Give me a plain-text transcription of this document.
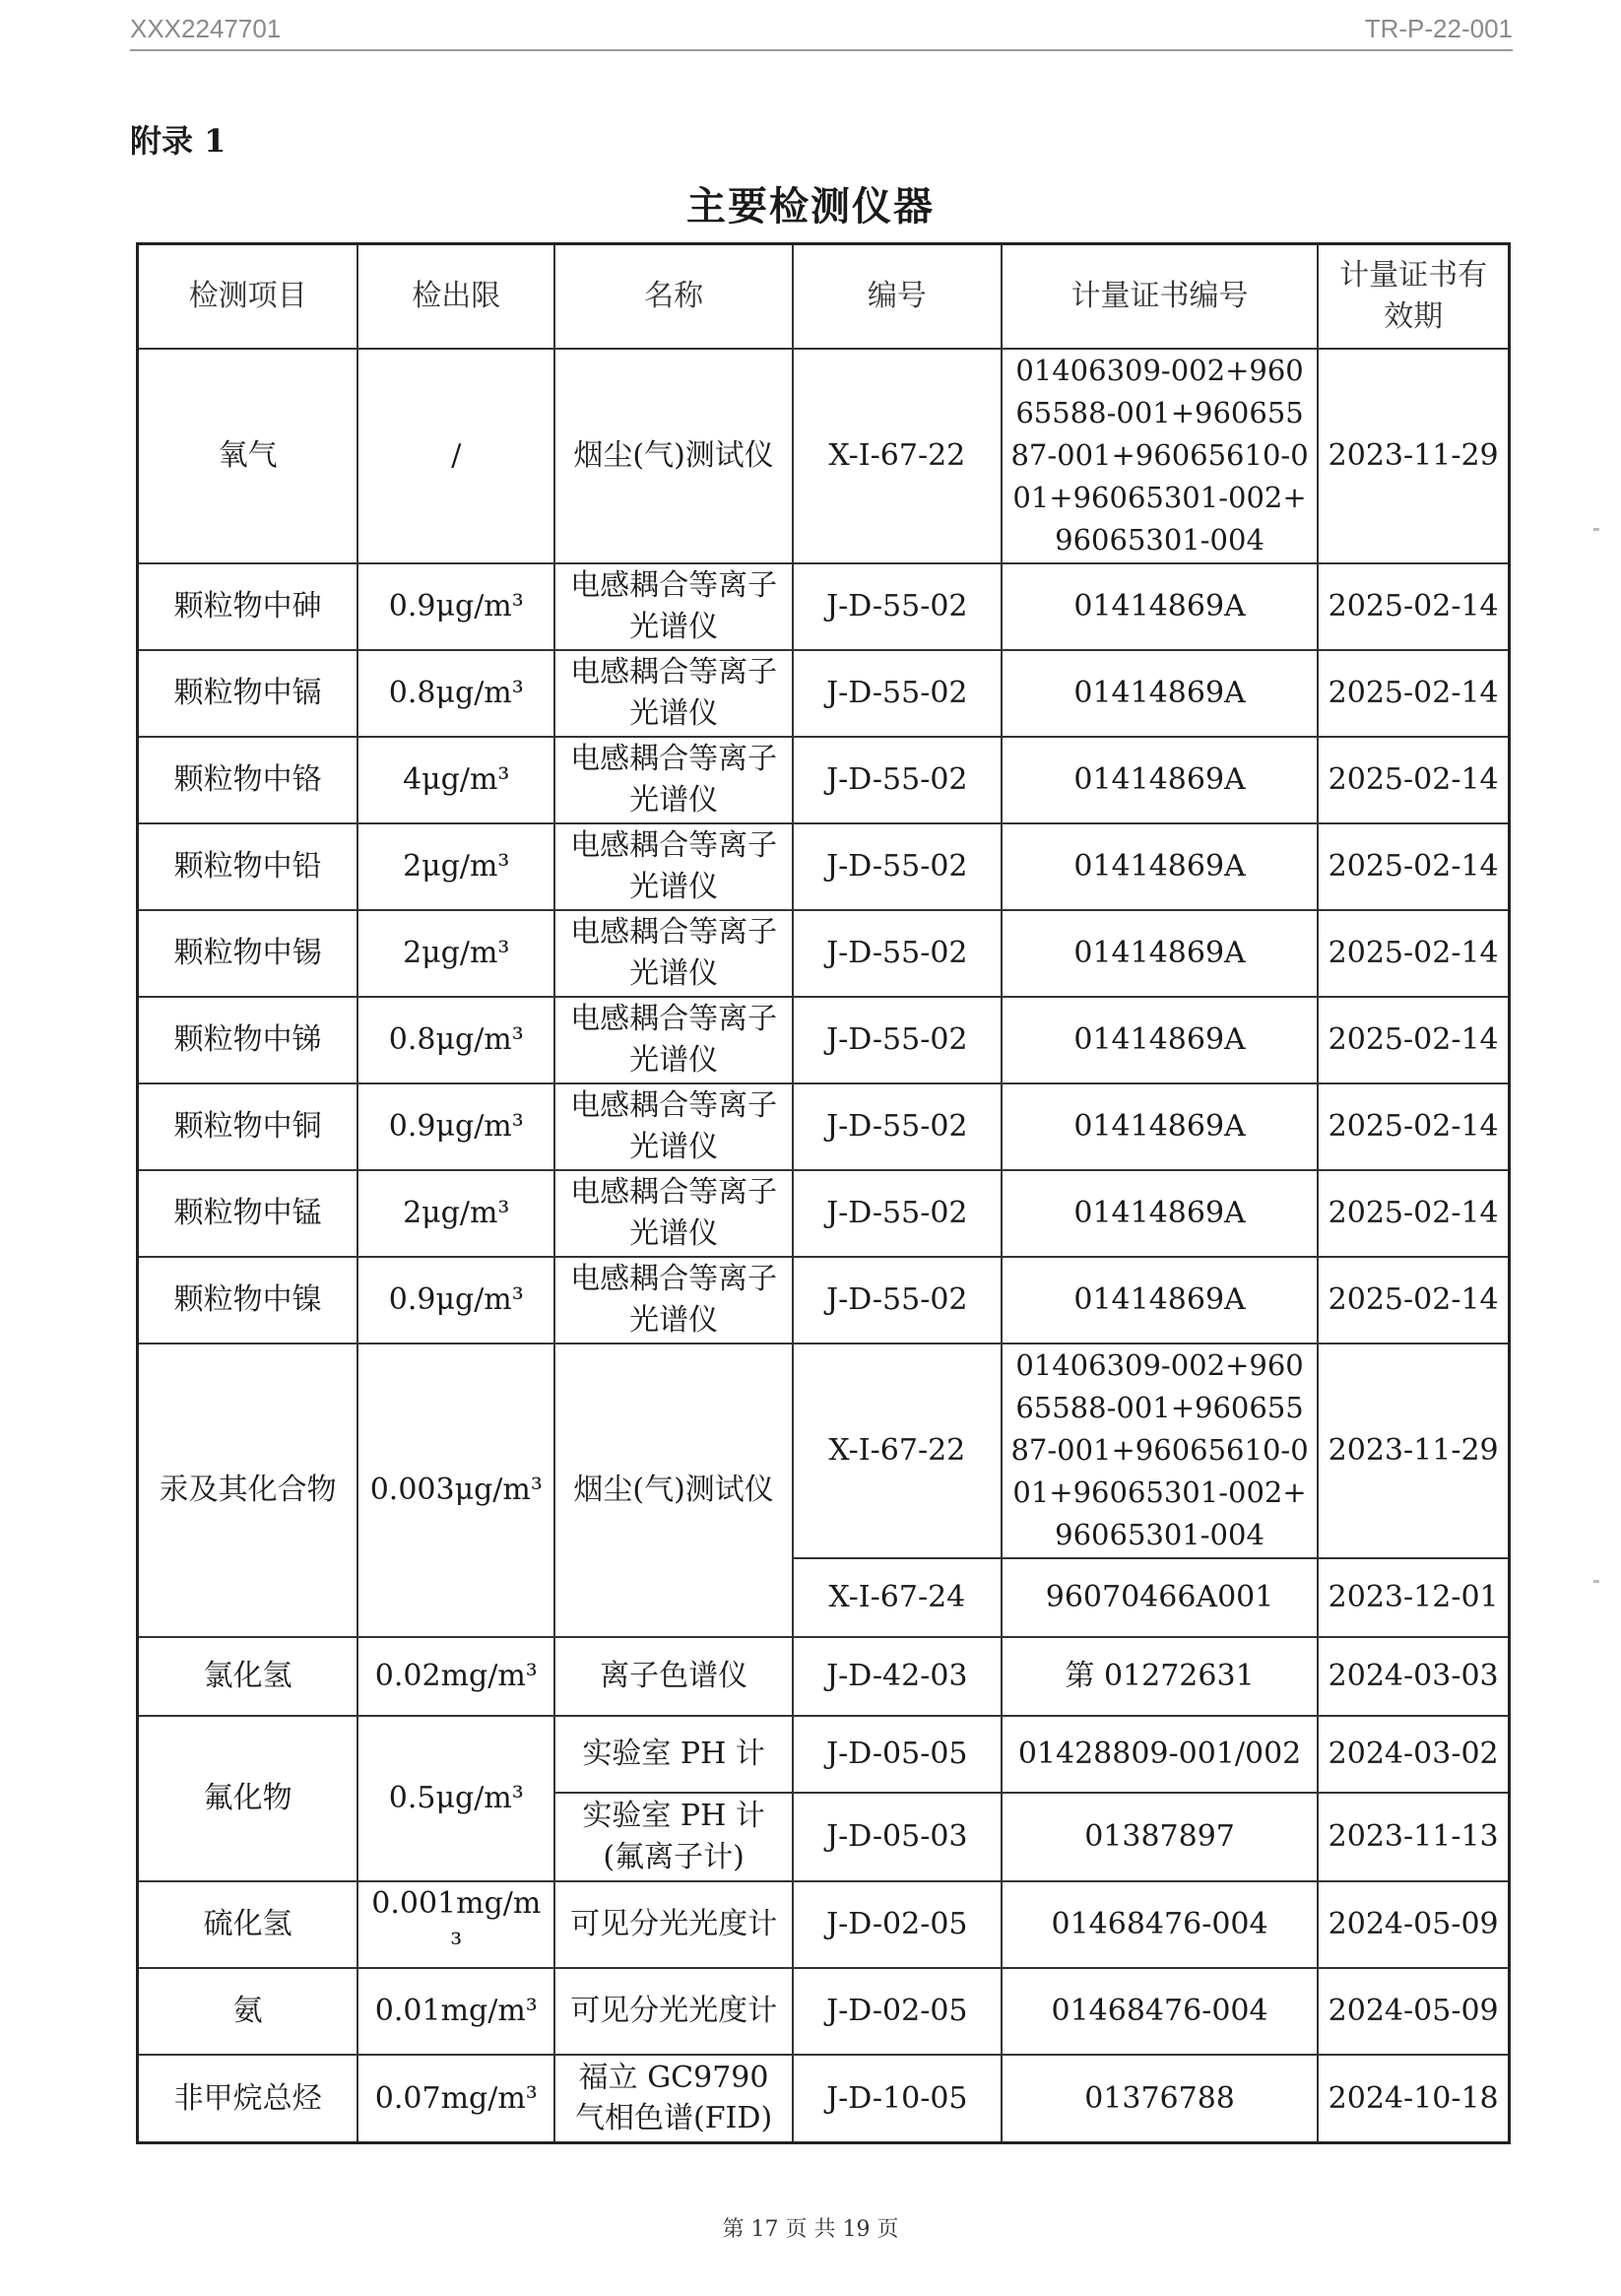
XXX2247701	TR-P-22-001
附录 1
主要检测仪器
检测项目	检出限	名称	编号	计量证书编号	计量证书有效期
氧气	/	烟尘(气)测试仪	X-I-67-22	01406309-002+96065588-001+96065587-001+96065610-001+96065301-002+96065301-004	2023-11-29
颗粒物中砷	0.9μg/m³	电感耦合等离子光谱仪	J-D-55-02	01414869A	2025-02-14
颗粒物中镉	0.8μg/m³	电感耦合等离子光谱仪	J-D-55-02	01414869A	2025-02-14
颗粒物中铬	4μg/m³	电感耦合等离子光谱仪	J-D-55-02	01414869A	2025-02-14
颗粒物中铅	2μg/m³	电感耦合等离子光谱仪	J-D-55-02	01414869A	2025-02-14
颗粒物中锡	2μg/m³	电感耦合等离子光谱仪	J-D-55-02	01414869A	2025-02-14
颗粒物中锑	0.8μg/m³	电感耦合等离子光谱仪	J-D-55-02	01414869A	2025-02-14
颗粒物中铜	0.9μg/m³	电感耦合等离子光谱仪	J-D-55-02	01414869A	2025-02-14
颗粒物中锰	2μg/m³	电感耦合等离子光谱仪	J-D-55-02	01414869A	2025-02-14
颗粒物中镍	0.9μg/m³	电感耦合等离子光谱仪	J-D-55-02	01414869A	2025-02-14
汞及其化合物	0.003μg/m³	烟尘(气)测试仪	X-I-67-22	01406309-002+96065588-001+96065587-001+96065610-001+96065301-002+96065301-004	2023-11-29
			X-I-67-24	96070466A001	2023-12-01
氯化氢	0.02mg/m³	离子色谱仪	J-D-42-03	第 01272631	2024-03-03
氟化物	0.5μg/m³	实验室 PH 计	J-D-05-05	01428809-001/002	2024-03-02
		实验室 PH 计(氟离子计)	J-D-05-03	01387897	2023-11-13
硫化氢	0.001mg/m³	可见分光光度计	J-D-02-05	01468476-004	2024-05-09
氨	0.01mg/m³	可见分光光度计	J-D-02-05	01468476-004	2024-05-09
非甲烷总烃	0.07mg/m³	福立 GC9790 气相色谱(FID)	J-D-10-05	01376788	2024-10-18
第 17 页 共 19 页
